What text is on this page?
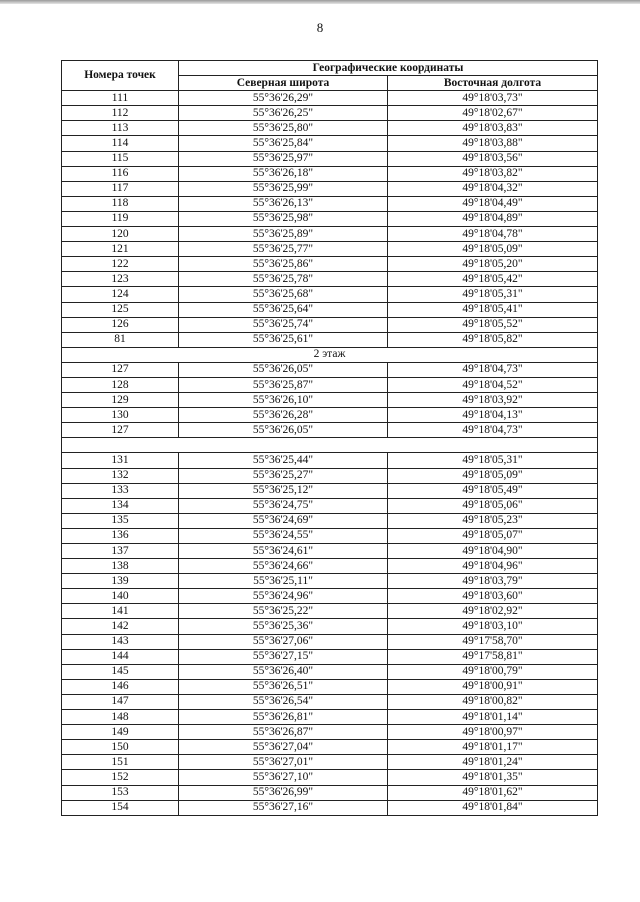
8
Номера точек	Географические координаты	
	Северная широта	Восточная долгота
111	55°36'26,29"	49°18'03,73"
112	55°36'26,25"	49°18'02,67"
113	55°36'25,80"	49°18'03,83"
114	55°36'25,84"	49°18'03,88"
115	55°36'25,97"	49°18'03,56"
116	55°36'26,18"	49°18'03,82"
117	55°36'25,99"	49°18'04,32"
118	55°36'26,13"	49°18'04,49"
119	55°36'25,98"	49°18'04,89"
120	55°36'25,89"	49°18'04,78"
121	55°36'25,77"	49°18'05,09"
122	55°36'25,86"	49°18'05,20"
123	55°36'25,78"	49°18'05,42"
124	55°36'25,68"	49°18'05,31"
125	55°36'25,64"	49°18'05,41"
126	55°36'25,74"	49°18'05,52"
81	55°36'25,61"	49°18'05,82"
2 этаж		
127	55°36'26,05"	49°18'04,73"
128	55°36'25,87"	49°18'04,52"
129	55°36'26,10"	49°18'03,92"
130	55°36'26,28"	49°18'04,13"
127	55°36'26,05"	49°18'04,73"

131	55°36'25,44"	49°18'05,31"
132	55°36'25,27"	49°18'05,09"
133	55°36'25,12"	49°18'05,49"
134	55°36'24,75"	49°18'05,06"
135	55°36'24,69"	49°18'05,23"
136	55°36'24,55"	49°18'05,07"
137	55°36'24,61"	49°18'04,90"
138	55°36'24,66"	49°18'04,96"
139	55°36'25,11"	49°18'03,79"
140	55°36'24,96"	49°18'03,60"
141	55°36'25,22"	49°18'02,92"
142	55°36'25,36"	49°18'03,10"
143	55°36'27,06"	49°17'58,70"
144	55°36'27,15"	49°17'58,81"
145	55°36'26,40"	49°18'00,79"
146	55°36'26,51"	49°18'00,91"
147	55°36'26,54"	49°18'00,82"
148	55°36'26,81"	49°18'01,14"
149	55°36'26,87"	49°18'00,97"
150	55°36'27,04"	49°18'01,17"
151	55°36'27,01"	49°18'01,24"
152	55°36'27,10"	49°18'01,35"
153	55°36'26,99"	49°18'01,62"
154	55°36'27,16"	49°18'01,84"
